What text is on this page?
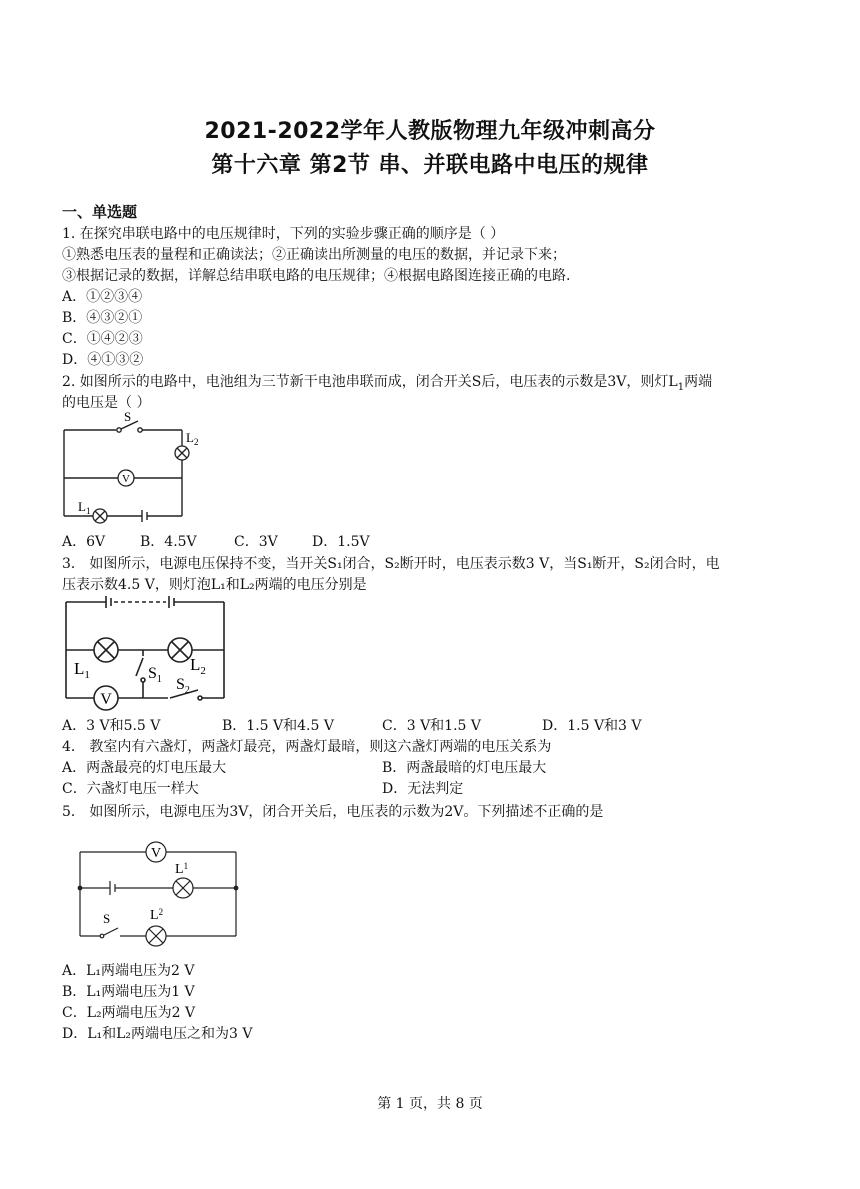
2021-2022学年人教版物理九年级冲刺高分
第十六章 第2节 串、并联电路中电压的规律
一、单选题
1. 在探究串联电路中的电压规律时，下列的实验步骤正确的顺序是（ ）
①熟悉电压表的量程和正确读法；②正确读出所测量的电压的数据，并记录下来；
③根据记录的数据，详解总结串联电路的电压规律；④根据电路图连接正确的电路.
A．①②③④
B．④③②①
C．①④②③
D．④①③②
2. 如图所示的电路中，电池组为三节新干电池串联而成，闭合开关S后，电压表的示数是3V，则灯$L_1$两端
的电压是（ ）
V
S
$L_2$
$L_1$
A．6V B．4.5V	C．3V D．1.5V
3． 如图所示，电源电压保持不变，当开关S₁闭合，S₂断开时，电压表示数3 V，当S₁断开，S₂闭合时，电
压表示数4.5 V，则灯泡L₁和L₂两端的电压分别是
V
$L_1$
$L_2$
$S_1$ $S_2$
A．3 V和5.5 V	B．1.5 V和4.5 V	C．3 V和1.5 V	D．1.5 V和3 V
4． 教室内有六盏灯，两盏灯最亮，两盏灯最暗，则这六盏灯两端的电压关系为
A．两盏最亮的灯电压最大	B．两盏最暗的灯电压最大
C．六盏灯电压一样大	D．无法判定
5． 如图所示，电源电压为3V，闭合开关后，电压表的示数为2V。下列描述不正确的是
V
$L^1$
$L^2$
S
A．L₁两端电压为2 V
B．L₁两端电压为1 V
C．L₂两端电压为2 V
D．L₁和L₂两端电压之和为3 V
第 1 页，共 8 页
